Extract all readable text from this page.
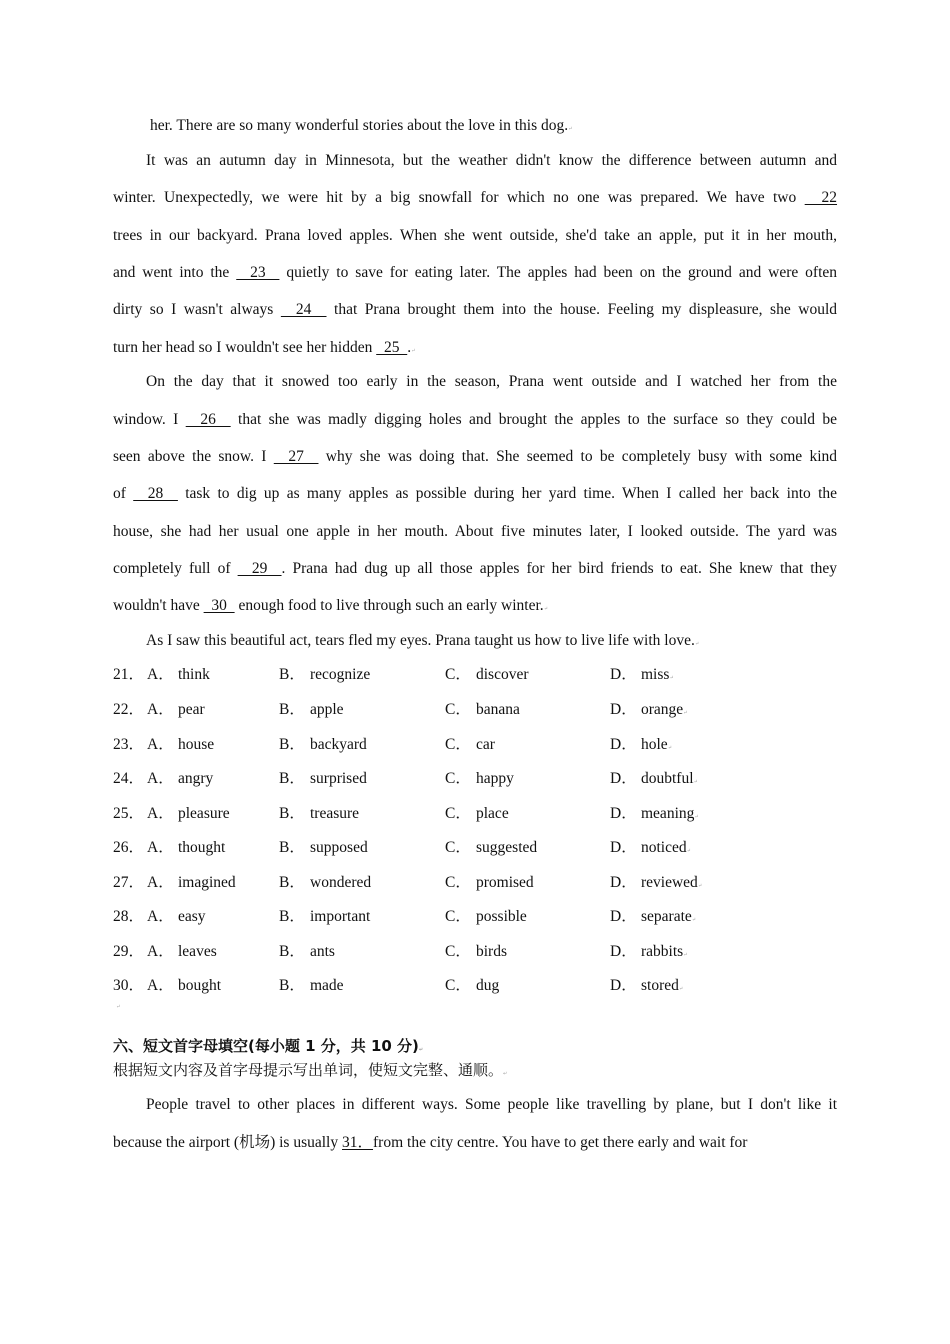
her. There are so many wonderful stories about the love in this dog.↵
It was an autumn day in Minnesota, but the weather didn't know the difference between autumn and
winter. Unexpectedly, we were hit by a big snowfall for which no one was prepared. We have two   22
trees in our backyard. Prana loved apples. When she went outside, she'd take an apple, put it in her mouth,
and went into the   23   quietly to save for eating later. The apples had been on the ground and were often
dirty so I wasn't always   24   that Prana brought them into the house. Feeling my displeasure, she would
turn her head so I wouldn't see her hidden   25  .↵
On the day that it snowed too early in the season, Prana went outside and I watched her from the
window. I   26   that she was madly digging holes and brought the apples to the surface so they could be
seen above the snow. I   27   why she was doing that. She seemed to be completely busy with some kind
of   28   task to dig up as many apples as possible during her yard time. When I called her back into the
house, she had her usual one apple in her mouth. About five minutes later, I looked outside. The yard was
completely full of   29  . Prana had dug up all those apples for her bird friends to eat. She knew that they
wouldn't have   30   enough food to live through such an early winter.↵
As I saw this beautiful act, tears fled my eyes. Prana taught us how to live life with love.↵
21． A． think	B． recognize	C． discover	D． miss↵
22． A． pear	B． apple	C． banana	D． orange↵
23． A． house	B． backyard	C． car	D． hole↵
24． A． angry	B． surprised	C． happy	D． doubtful↵
25． A． pleasure	B． treasure	C． place	D． meaning↵
26． A． thought	B． supposed	C． suggested	D． noticed↵
27． A． imagined	B． wondered	C． promised	D． reviewed↵
28． A． easy	B． important	C． possible	D． separate↵
29． A． leaves	B． ants	C． birds	D． rabbits↵
30． A． bought	B． made	C． dug	D． stored↵
↵
六、短文首字母填空(每小题 1 分，共 10 分)↵
根据短文内容及首字母提示写出单词，使短文完整、通顺。↵
People travel to other places in different ways. Some people like travelling by plane, but I don't like it
because the airport (机场) is usually 31．from the city centre. You have to get there early and wait for
